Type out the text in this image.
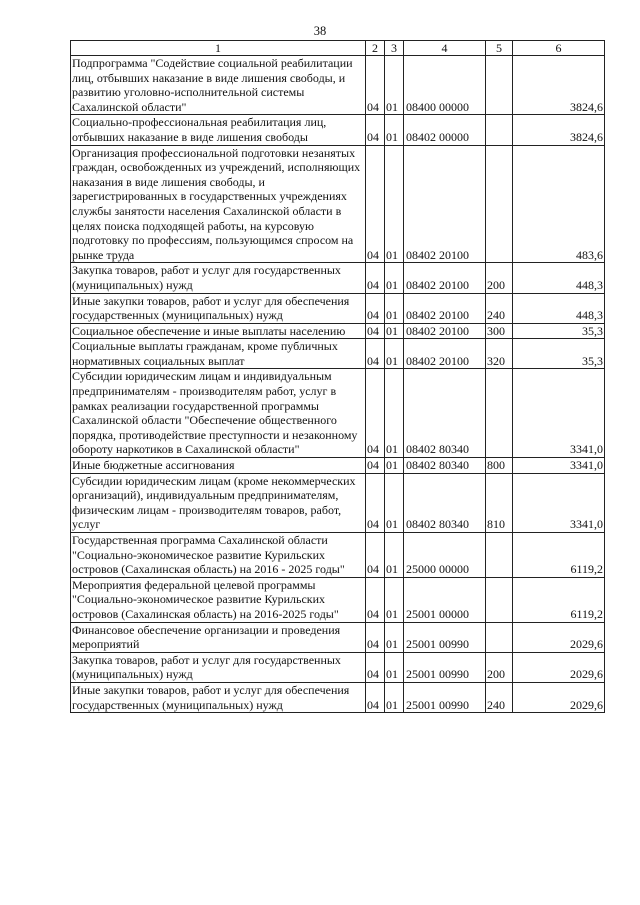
38
1	2	3	4	5	6
Подпрограмма "Содействие социальной реабилитации лиц, отбывших наказание в виде лишения свободы, и развитию уголовно-исполнительной системы Сахалинской области"	04	01	08400 00000		3824,6
Социально-профессиональная реабилитация лиц, отбывших наказание в виде лишения свободы	04	01	08402 00000		3824,6
Организация профессиональной подготовки незанятых граждан, освобожденных из учреждений, исполняющих наказания в виде лишения свободы, и зарегистрированных в государственных учреждениях службы занятости населения Сахалинской области в целях поиска подходящей работы, на курсовую подготовку по профессиям, пользующимся спросом на рынке труда	04	01	08402 20100		483,6
Закупка товаров, работ и услуг для государственных (муниципальных) нужд	04	01	08402 20100	200	448,3
Иные закупки товаров, работ и услуг для обеспечения государственных (муниципальных) нужд	04	01	08402 20100	240	448,3
Социальное обеспечение и иные выплаты населению	04	01	08402 20100	300	35,3
Социальные выплаты гражданам, кроме публичных нормативных социальных выплат	04	01	08402 20100	320	35,3
Субсидии юридическим лицам и индивидуальным предпринимателям - производителям работ, услуг в рамках реализации государственной программы Сахалинской области "Обеспечение общественного порядка, противодействие преступности и незаконному обороту наркотиков в Сахалинской области"	04	01	08402 80340		3341,0
Иные бюджетные ассигнования	04	01	08402 80340	800	3341,0
Субсидии юридическим лицам (кроме некоммерческих организаций), индивидуальным предпринимателям, физическим лицам - производителям товаров, работ, услуг	04	01	08402 80340	810	3341,0
Государственная программа Сахалинской области "Социально-экономическое развитие Курильских островов (Сахалинская область) на 2016 - 2025 годы"	04	01	25000 00000		6119,2
Мероприятия федеральной целевой программы "Социально-экономическое развитие Курильских островов (Сахалинская область) на 2016-2025 годы"	04	01	25001 00000		6119,2
Финансовое обеспечение организации и проведения мероприятий	04	01	25001 00990		2029,6
Закупка товаров, работ и услуг для государственных (муниципальных) нужд	04	01	25001 00990	200	2029,6
Иные закупки товаров, работ и услуг для обеспечения государственных (муниципальных) нужд	04	01	25001 00990	240	2029,6
